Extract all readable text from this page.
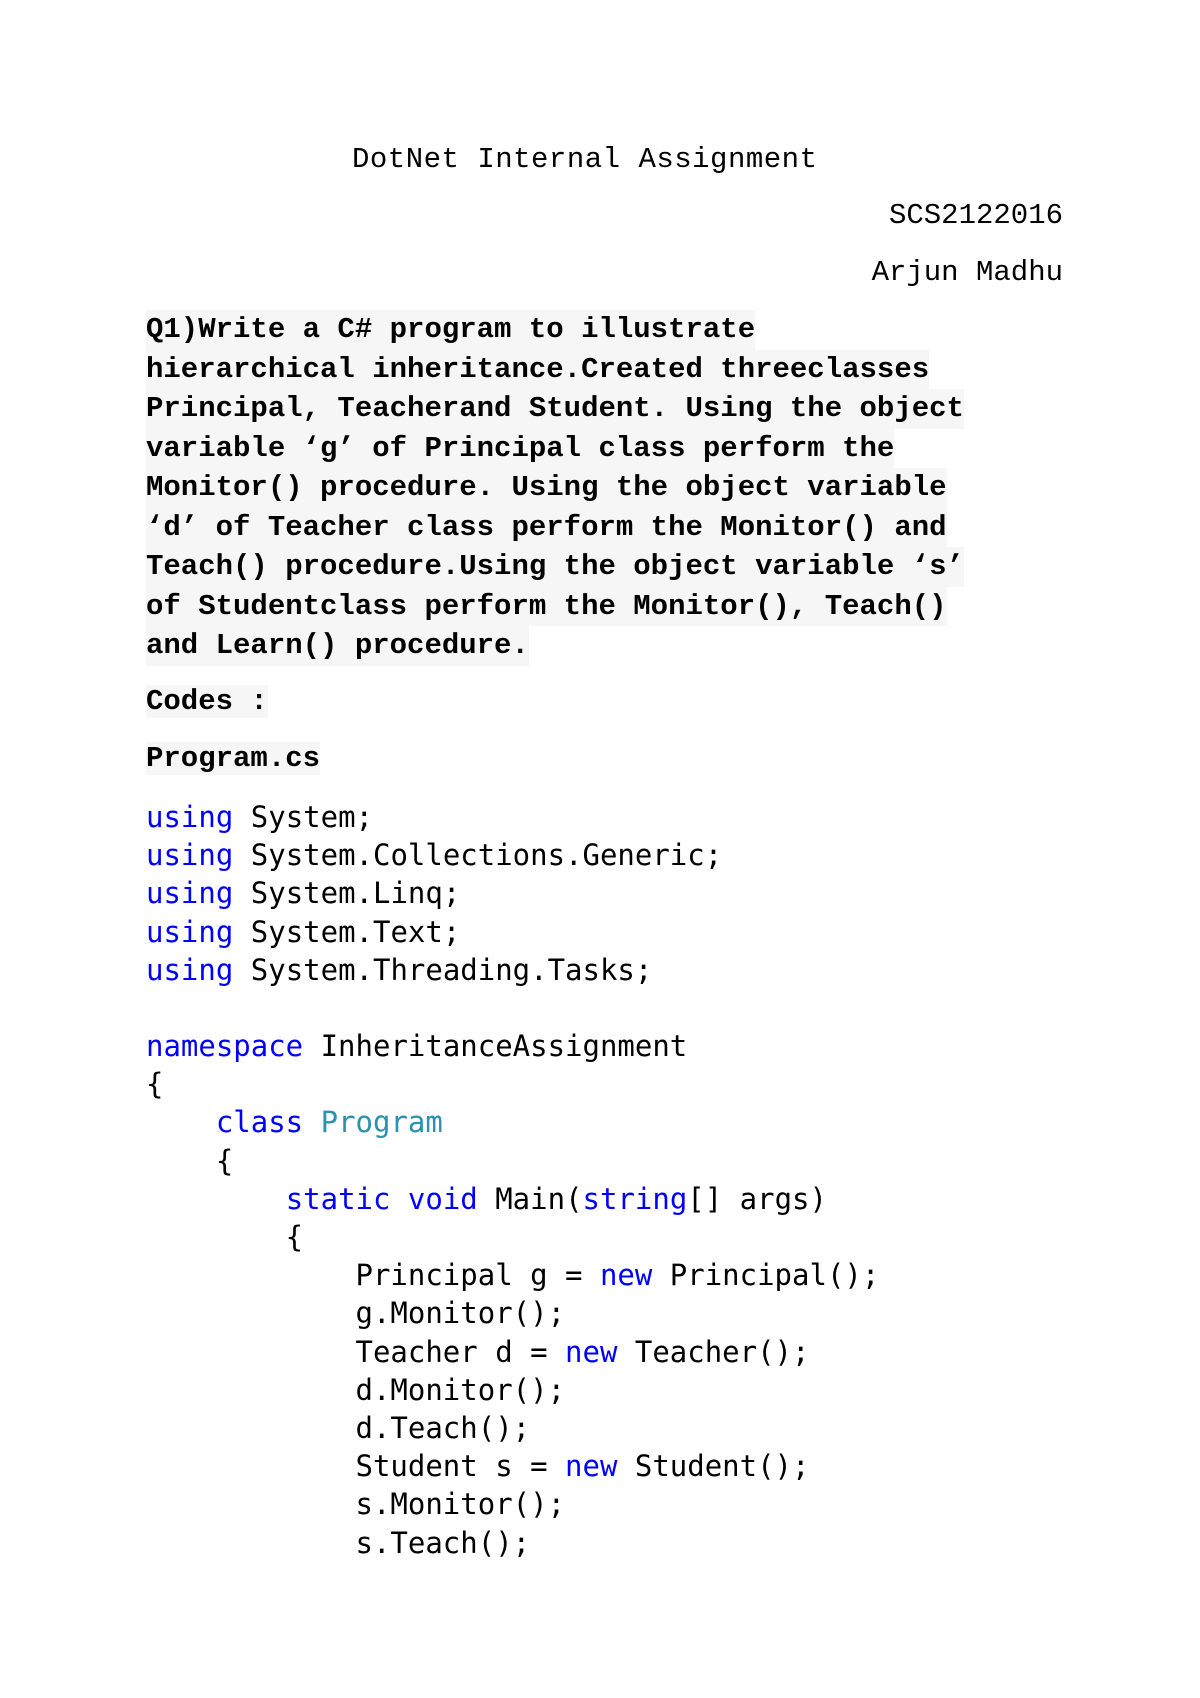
DotNet Internal Assignment
SCS2122016
Arjun Madhu
Q1)Write a C# program to illustrate
hierarchical inheritance.Created threeclasses
Principal, Teacherand Student. Using the object
variable ‘g’ of Principal class perform the
Monitor() procedure. Using the object variable
‘d’ of Teacher class perform the Monitor() and
Teach() procedure.Using the object variable ‘s’
of Studentclass perform the Monitor(), Teach()
and Learn() procedure.
Codes :
Program.cs
using System;
using System.Collections.Generic;
using System.Linq;
using System.Text;
using System.Threading.Tasks;
namespace InheritanceAssignment
{
class Program
{
static void Main(string[] args)
{
Principal g = new Principal();
g.Monitor();
Teacher d = new Teacher();
d.Monitor();
d.Teach();
Student s = new Student();
s.Monitor();
s.Teach();
